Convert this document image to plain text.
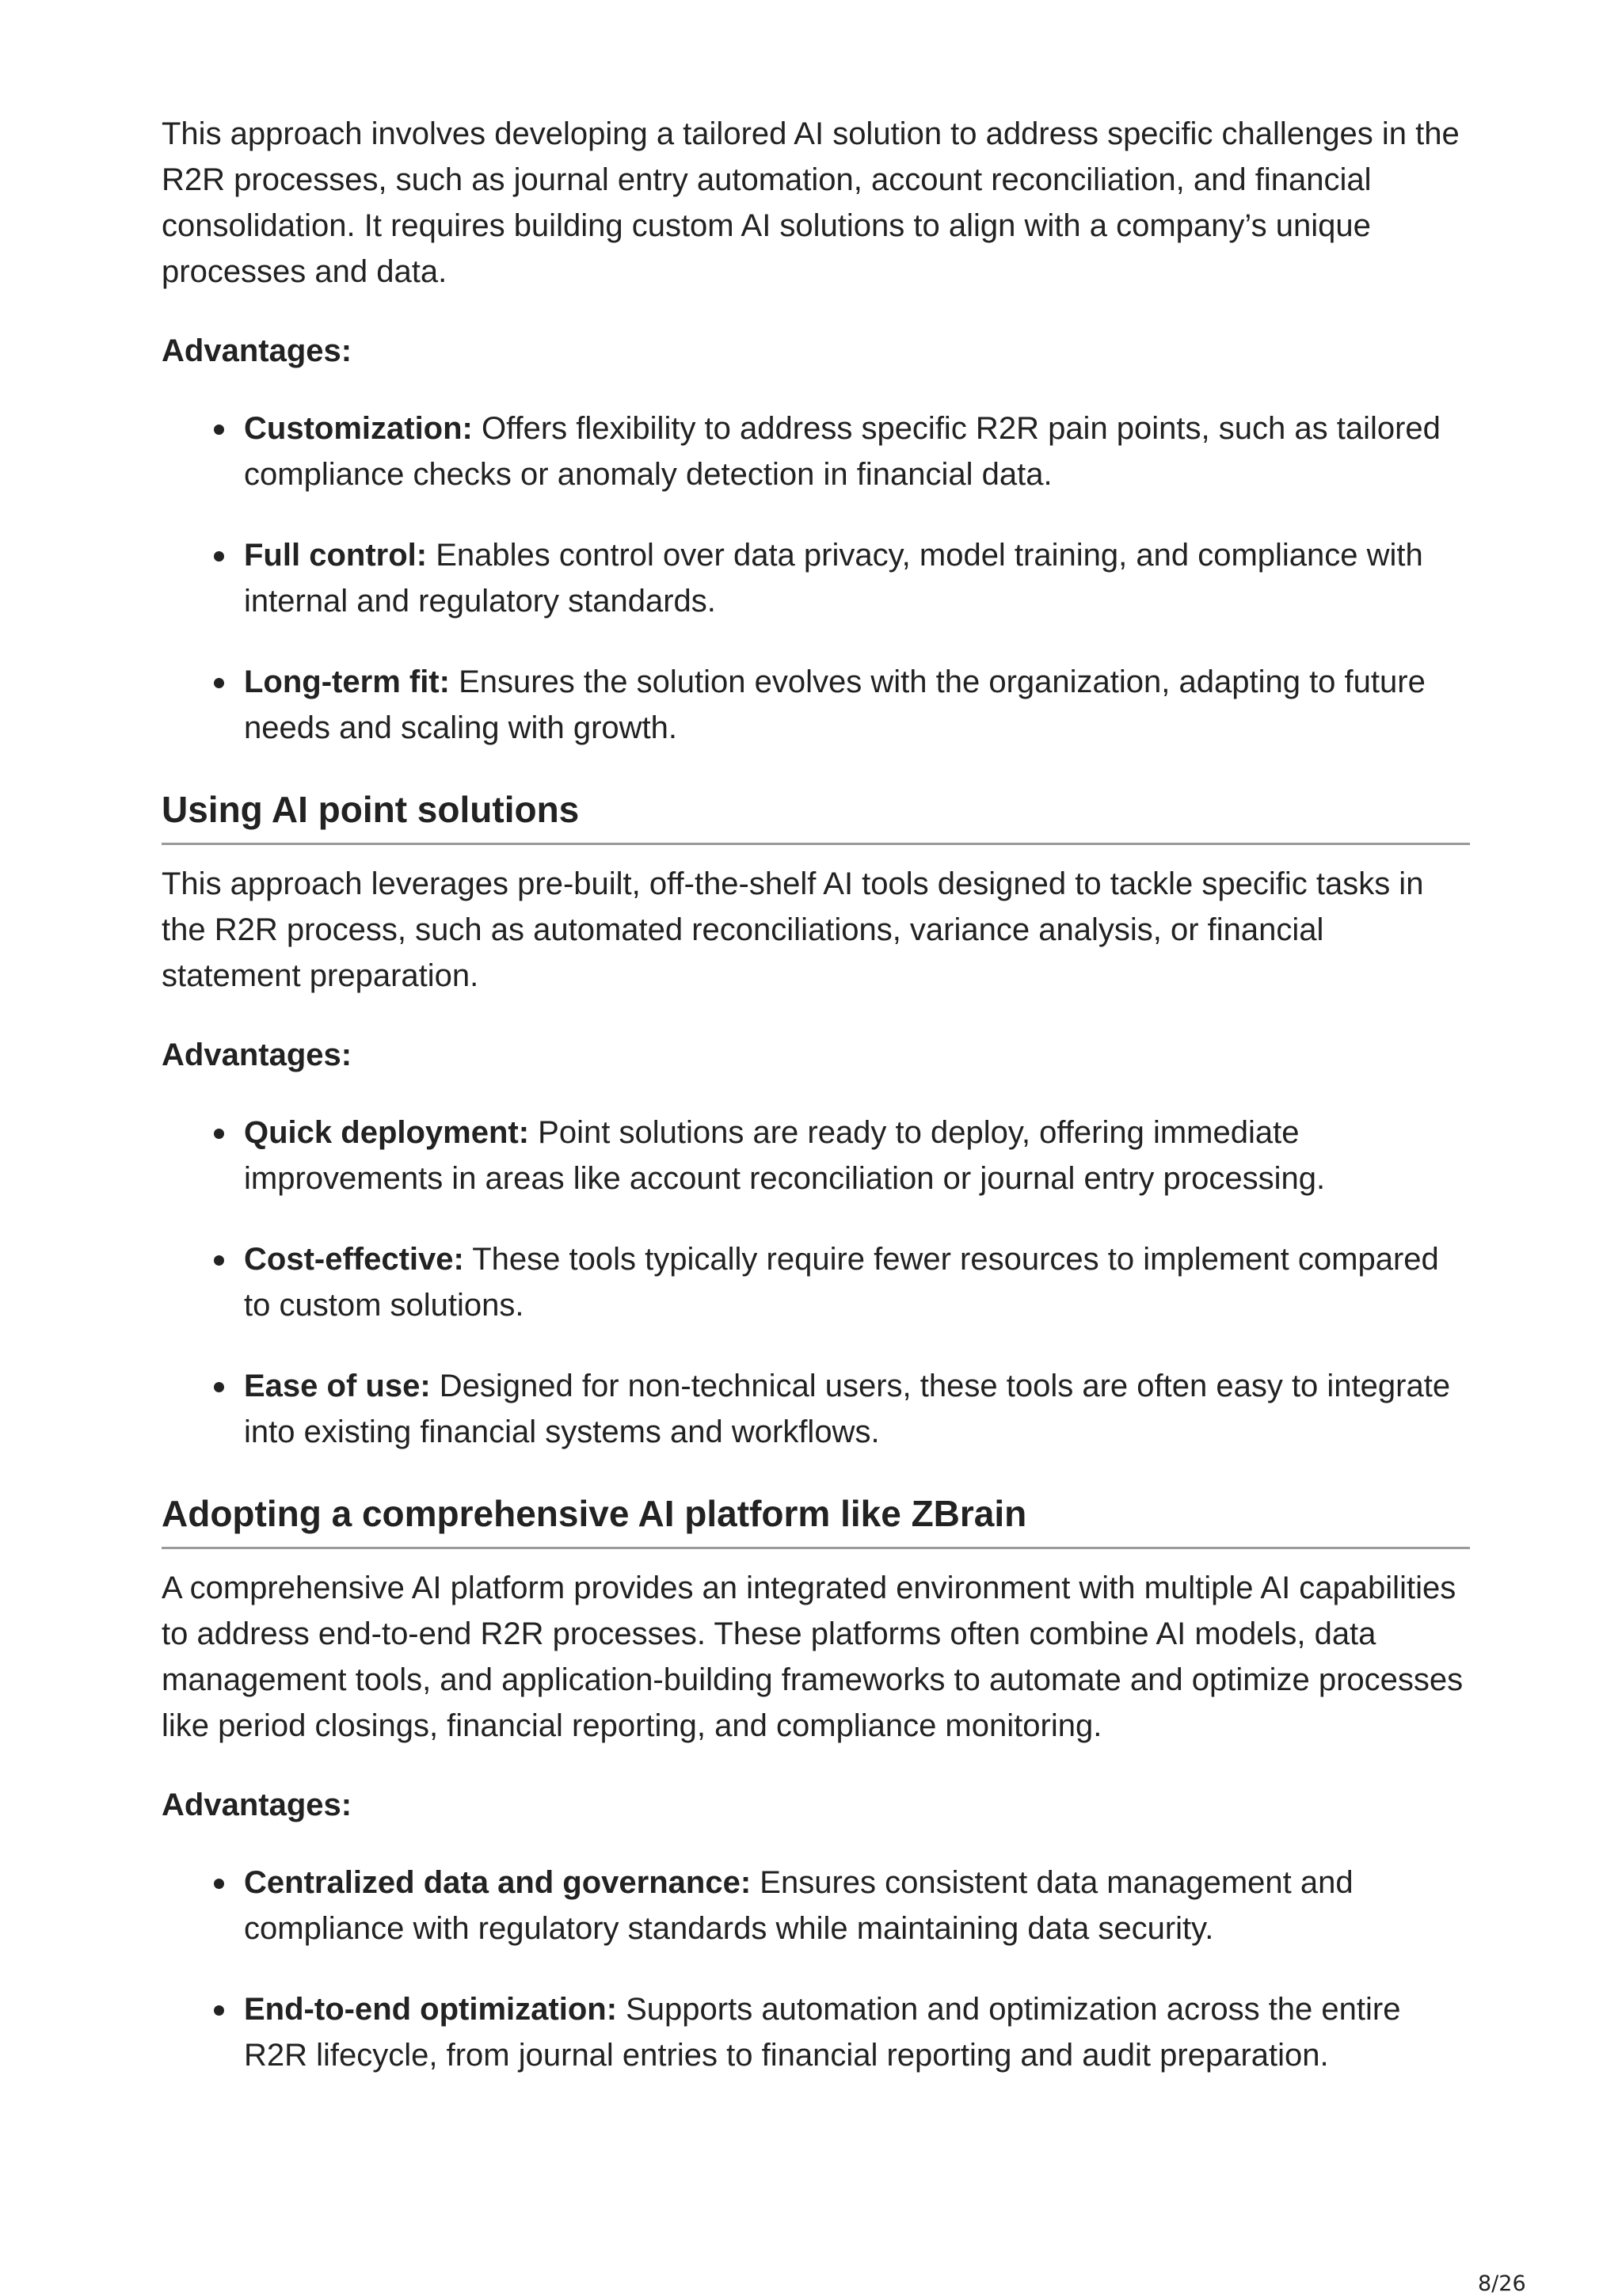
This approach involves developing a tailored AI solution to address specific challenges in the R2R processes, such as journal entry automation, account reconciliation, and financial consolidation. It requires building custom AI solutions to align with a company’s unique processes and data.

Advantages:

Customization: Offers flexibility to address specific R2R pain points, such as tailored compliance checks or anomaly detection in financial data.
Full control: Enables control over data privacy, model training, and compliance with internal and regulatory standards.
Long-term fit: Ensures the solution evolves with the organization, adapting to future needs and scaling with growth.
Using AI point solutions

This approach leverages pre-built, off-the-shelf AI tools designed to tackle specific tasks in the R2R process, such as automated reconciliations, variance analysis, or financial statement preparation.

Advantages:

Quick deployment: Point solutions are ready to deploy, offering immediate improvements in areas like account reconciliation or journal entry processing.
Cost-effective: These tools typically require fewer resources to implement compared to custom solutions.
Ease of use: Designed for non-technical users, these tools are often easy to integrate into existing financial systems and workflows.
Adopting a comprehensive AI platform like ZBrain

A comprehensive AI platform provides an integrated environment with multiple AI capabilities to address end-to-end R2R processes. These platforms often combine AI models, data management tools, and application-building frameworks to automate and optimize processes like period closings, financial reporting, and compliance monitoring.

Advantages:

Centralized data and governance: Ensures consistent data management and compliance with regulatory standards while maintaining data security.
End-to-end optimization: Supports automation and optimization across the entire R2R lifecycle, from journal entries to financial reporting and audit preparation.
8/26
